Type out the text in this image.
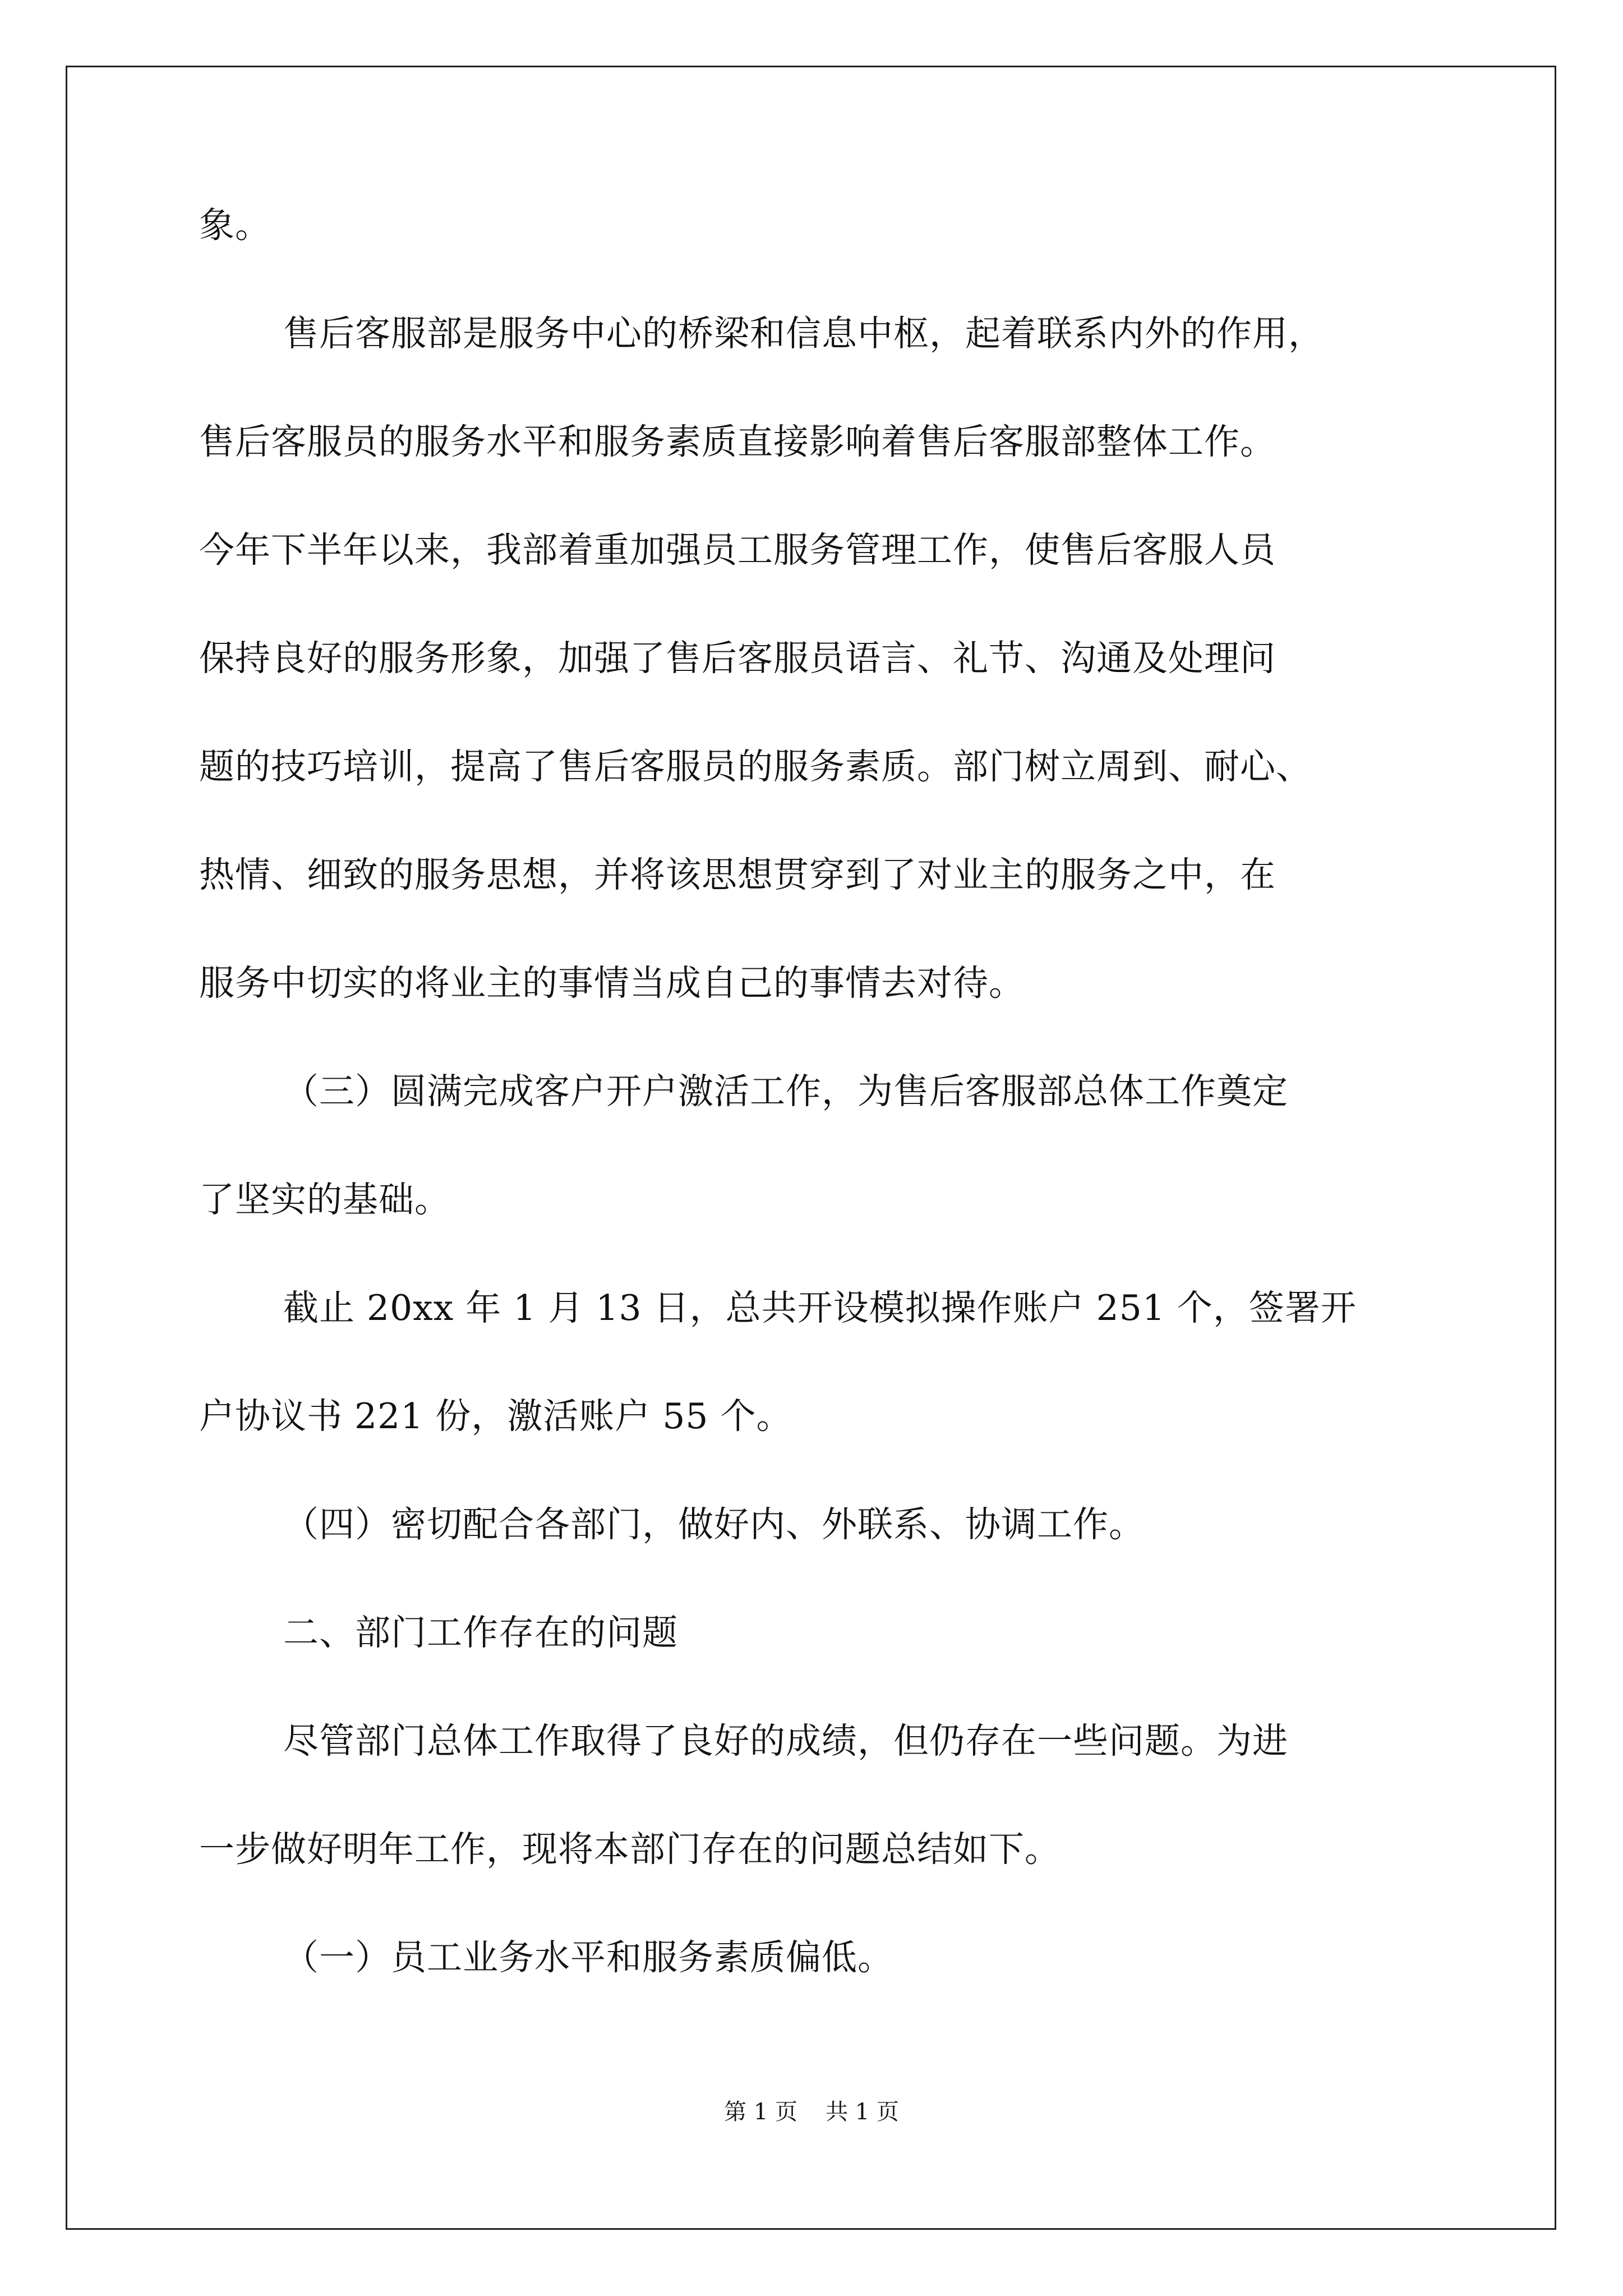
象。
售后客服部是服务中心的桥梁和信息中枢，起着联系内外的作用，
售后客服员的服务水平和服务素质直接影响着售后客服部整体工作。
今年下半年以来，我部着重加强员工服务管理工作，使售后客服人员
保持良好的服务形象，加强了售后客服员语言、礼节、沟通及处理问
题的技巧培训，提高了售后客服员的服务素质。部门树立周到、耐心、
热情、细致的服务思想，并将该思想贯穿到了对业主的服务之中，在
服务中切实的将业主的事情当成自己的事情去对待。
（三）圆满完成客户开户激活工作，为售后客服部总体工作奠定
了坚实的基础。
截止 20xx 年 1 月 13 日，总共开设模拟操作账户 251 个，签署开
户协议书 221 份，激活账户 55 个。
（四）密切配合各部门，做好内、外联系、协调工作。
二、部门工作存在的问题
尽管部门总体工作取得了良好的成绩，但仍存在一些问题。为进
一步做好明年工作，现将本部门存在的问题总结如下。
（一）员工业务水平和服务素质偏低。
第 1 页 共 1 页
